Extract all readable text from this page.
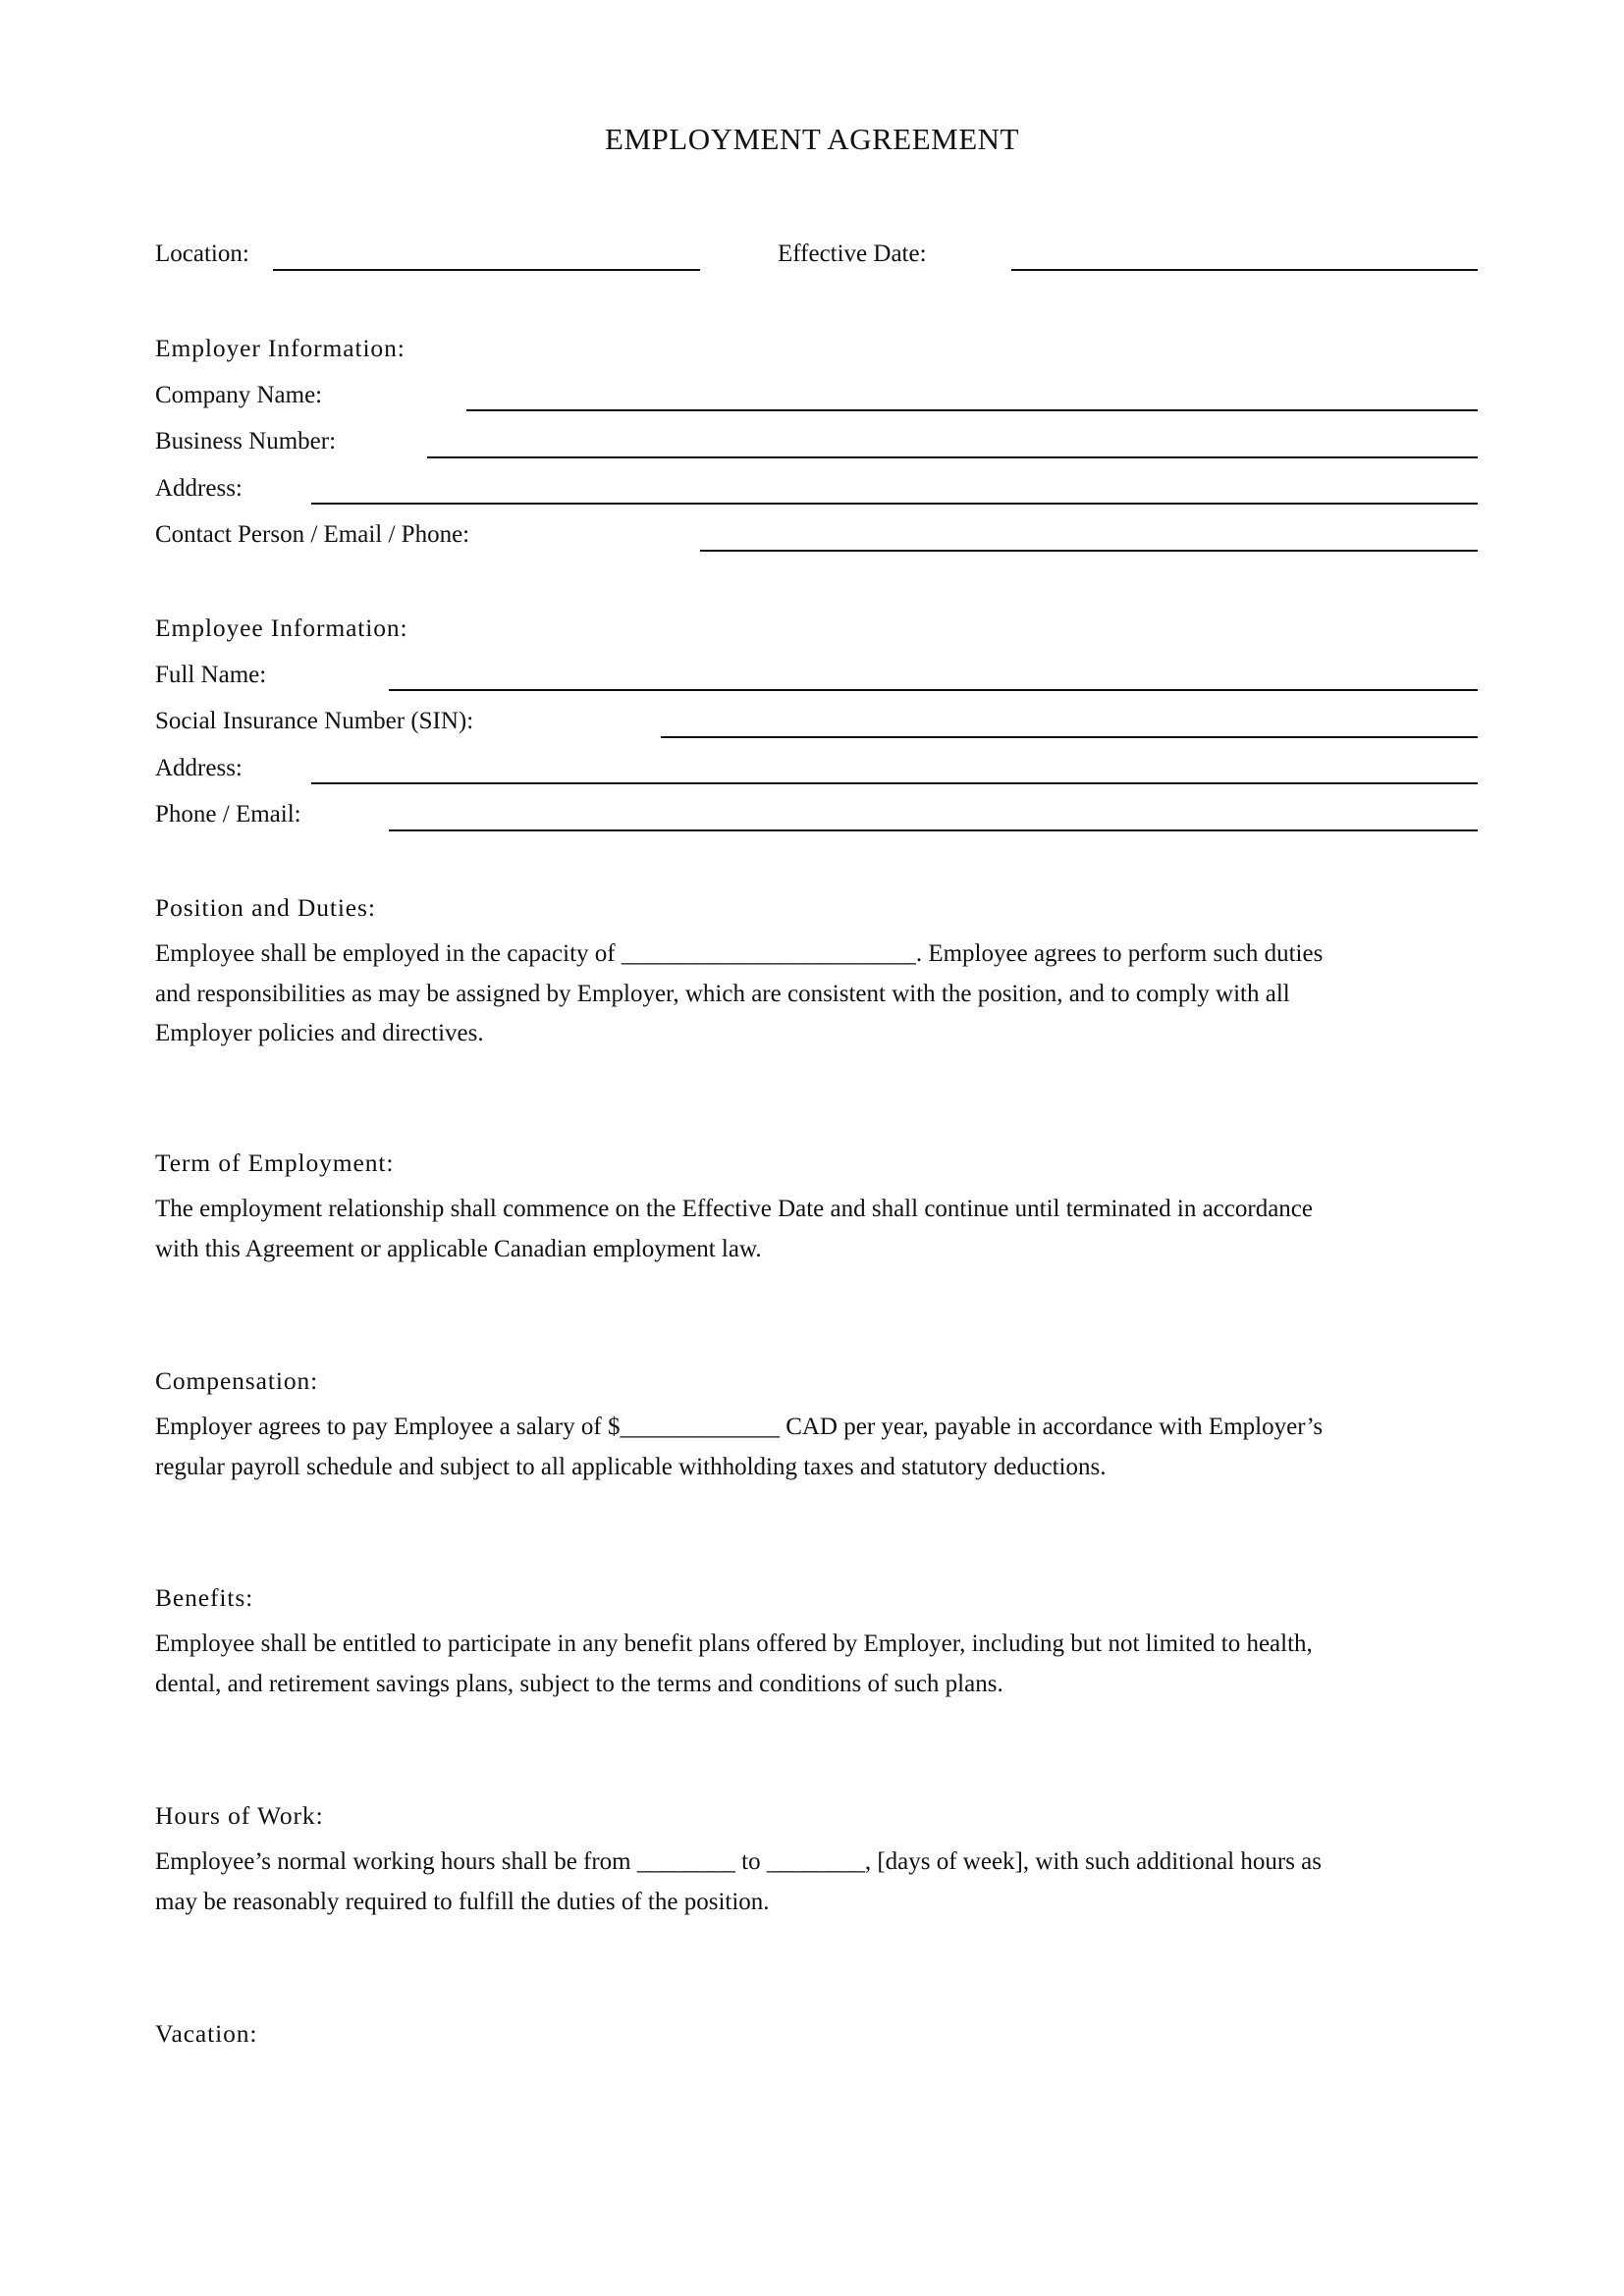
EMPLOYMENT AGREEMENT
Location:	Effective Date:
Employer Information:
Company Name:
Business Number:
Address:
Contact Person / Email / Phone:
Employee Information:
Full Name:
Social Insurance Number (SIN):
Address:
Phone / Email:
Position and Duties:
Employee shall be employed in the capacity of ________________________. Employee agrees to perform such duties
and responsibilities as may be assigned by Employer, which are consistent with the position, and to comply with all
Employer policies and directives.
Term of Employment:
The employment relationship shall commence on the Effective Date and shall continue until terminated in accordance
with this Agreement or applicable Canadian employment law.
Compensation:
Employer agrees to pay Employee a salary of $_____________ CAD per year, payable in accordance with Employer’s
regular payroll schedule and subject to all applicable withholding taxes and statutory deductions.
Benefits:
Employee shall be entitled to participate in any benefit plans offered by Employer, including but not limited to health,
dental, and retirement savings plans, subject to the terms and conditions of such plans.
Hours of Work:
Employee’s normal working hours shall be from ________ to ________, [days of week], with such additional hours as
may be reasonably required to fulfill the duties of the position.
Vacation:
